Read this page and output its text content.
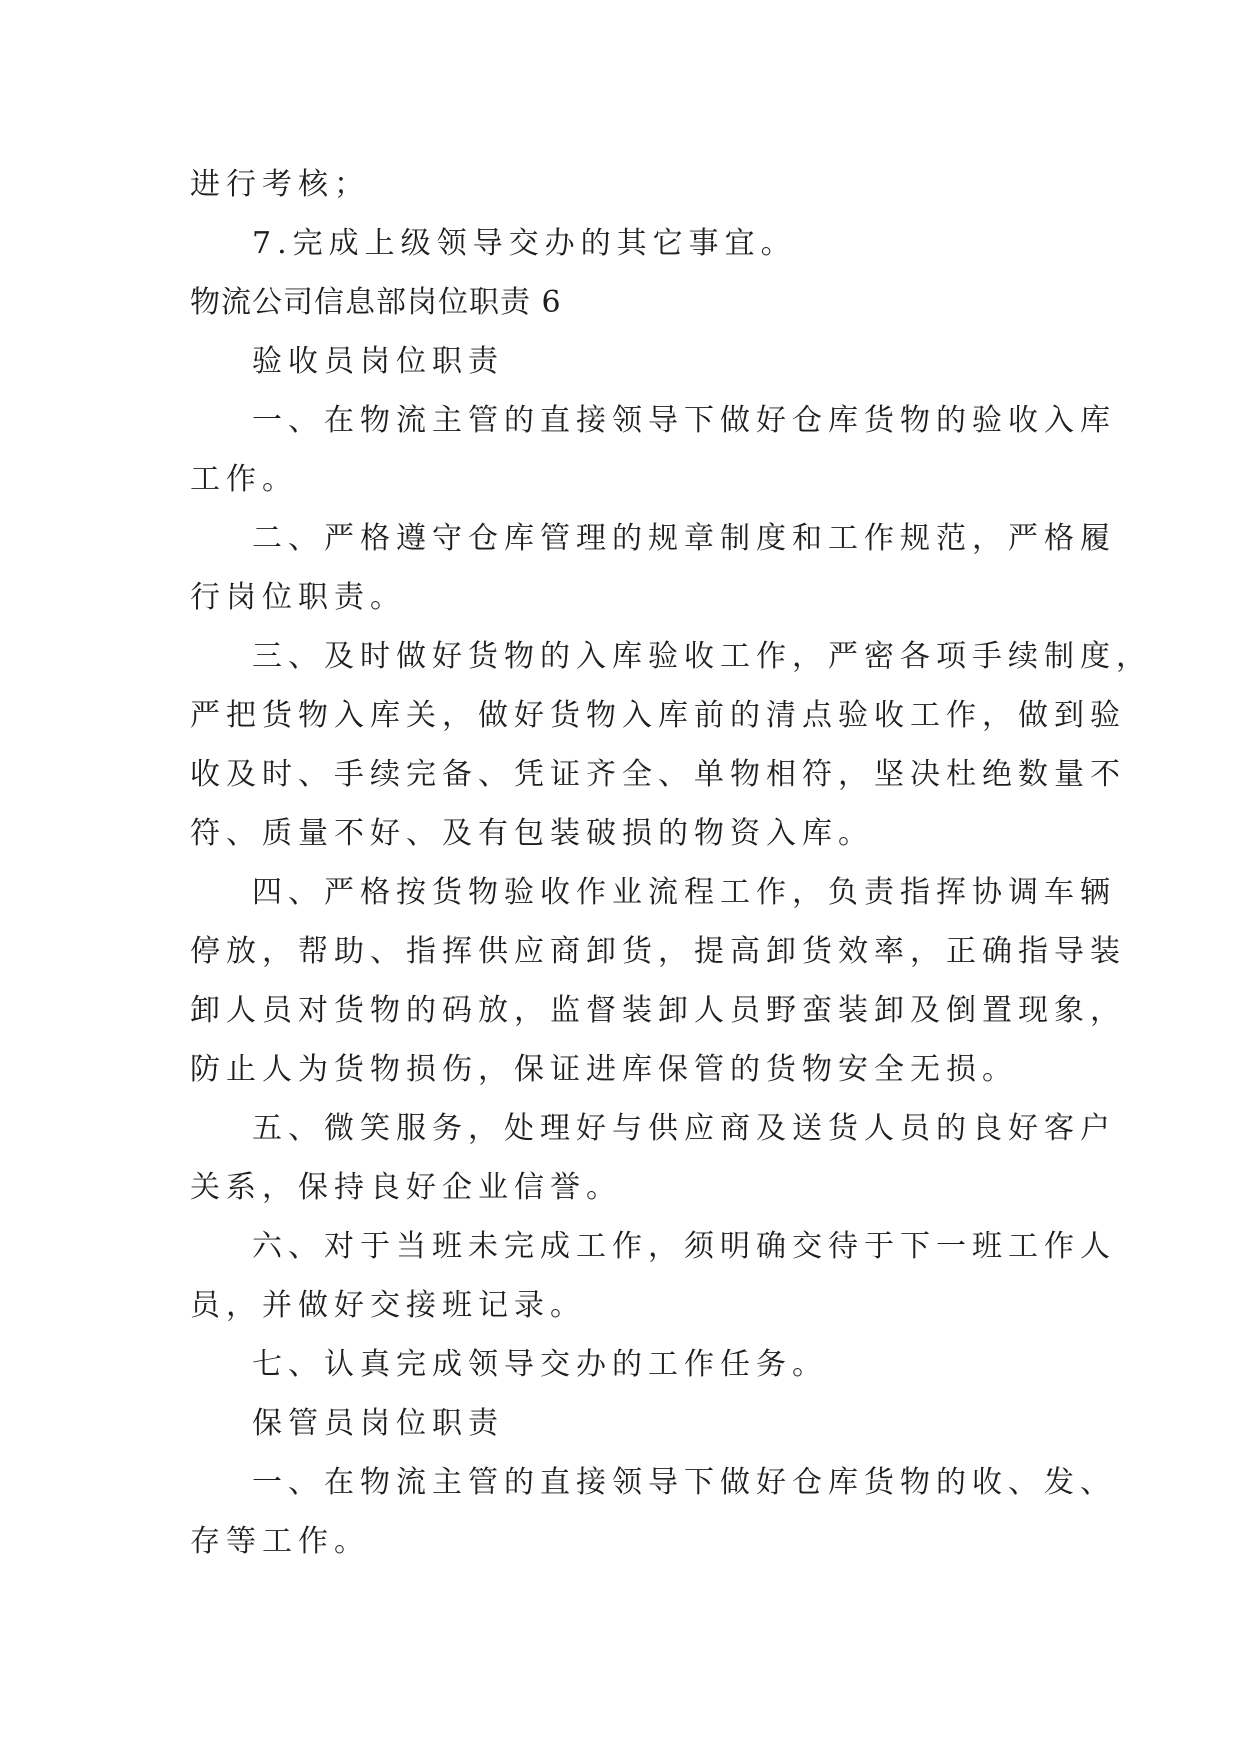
进行考核；

7.完成上级领导交办的其它事宜。

物流公司信息部岗位职责 6

验收员岗位职责

一、在物流主管的直接领导下做好仓库货物的验收入库

工作。

二、严格遵守仓库管理的规章制度和工作规范，严格履

行岗位职责。

三、及时做好货物的入库验收工作，严密各项手续制度，

严把货物入库关，做好货物入库前的清点验收工作，做到验

收及时、手续完备、凭证齐全、单物相符，坚决杜绝数量不

符、质量不好、及有包装破损的物资入库。

四、严格按货物验收作业流程工作，负责指挥协调车辆

停放，帮助、指挥供应商卸货，提高卸货效率，正确指导装

卸人员对货物的码放，监督装卸人员野蛮装卸及倒置现象，

防止人为货物损伤，保证进库保管的货物安全无损。

五、微笑服务，处理好与供应商及送货人员的良好客户

关系，保持良好企业信誉。

六、对于当班未完成工作，须明确交待于下一班工作人

员，并做好交接班记录。

七、认真完成领导交办的工作任务。

保管员岗位职责

一、在物流主管的直接领导下做好仓库货物的收、发、

存等工作。
